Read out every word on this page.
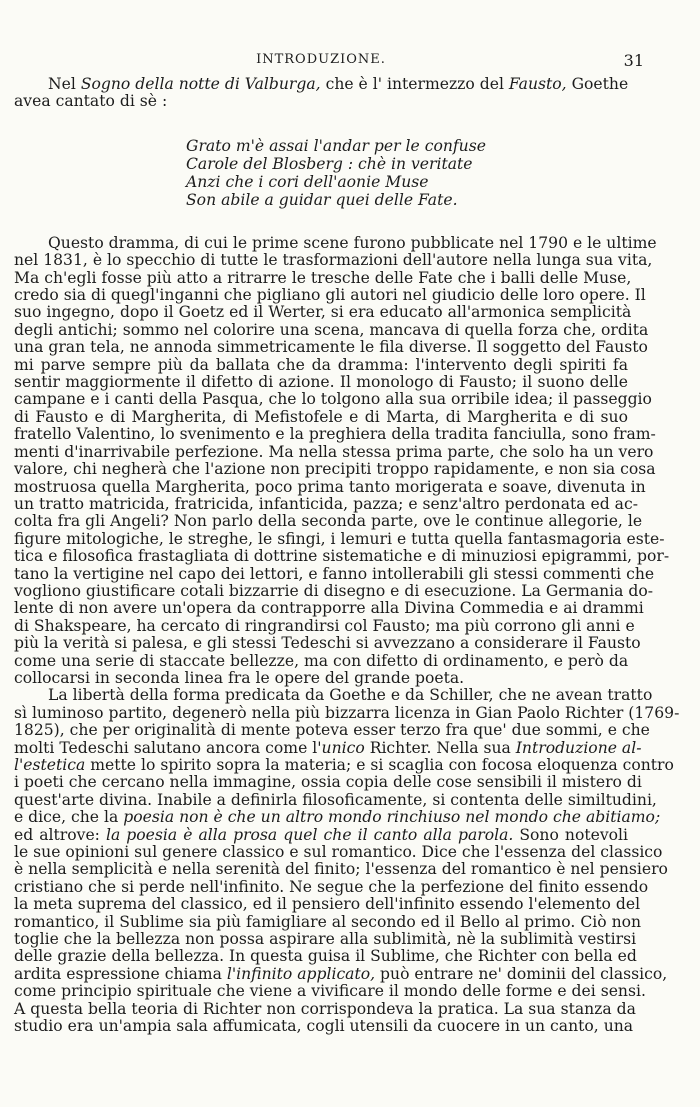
INTRODUZIONE.	31

Nel Sogno della notte di Valburga, che è l' intermezzo del Fausto, Goethe
avea cantato di sè :

Grato m'è assai l'andar per le confuse
Carole del Blosberg : chè in veritate
Anzi che i cori dell'aonie Muse
Son abile a guidar quei delle Fate.

Questo dramma, di cui le prime scene furono pubblicate nel 1790 e le ultime
nel 1831, è lo specchio di tutte le trasformazioni dell'autore nella lunga sua vita,
Ma ch'egli fosse più atto a ritrarre le tresche delle Fate che i balli delle Muse,
credo sia di quegl'inganni che pigliano gli autori nel giudicio delle loro opere. Il
suo ingegno, dopo il Goetz ed il Werter, si era educato all'armonica semplicità
degli antichi; sommo nel colorire una scena, mancava di quella forza che, ordita
una gran tela, ne annoda simmetricamente le fila diverse. Il soggetto del Fausto
mi parve sempre più da ballata che da dramma: l'intervento degli spiriti fa
sentir maggiormente il difetto di azione. Il monologo di Fausto; il suono delle
campane e i canti della Pasqua, che lo tolgono alla sua orribile idea; il passeggio
di Fausto e di Margherita, di Mefistofele e di Marta, di Margherita e di suo
fratello Valentino, lo svenimento e la preghiera della tradita fanciulla, sono fram-
menti d'inarrivabile perfezione. Ma nella stessa prima parte, che solo ha un vero
valore, chi negherà che l'azione non precipiti troppo rapidamente, e non sia cosa
mostruosa quella Margherita, poco prima tanto morigerata e soave, divenuta in
un tratto matricida, fratricida, infanticida, pazza; e senz'altro perdonata ed ac-
colta fra gli Angeli? Non parlo della seconda parte, ove le continue allegorie, le
figure mitologiche, le streghe, le sfingi, i lemuri e tutta quella fantasmagoria este-
tica e filosofica frastagliata di dottrine sistematiche e di minuziosi epigrammi, por-
tano la vertigine nel capo dei lettori, e fanno intollerabili gli stessi commenti che
vogliono giustificare cotali bizzarrie di disegno e di esecuzione. La Germania do-
lente di non avere un'opera da contrapporre alla Divina Commedia e ai drammi
di Shakspeare, ha cercato di ringrandirsi col Fausto; ma più corrono gli anni e
più la verità si palesa, e gli stessi Tedeschi si avvezzano a considerare il Fausto
come una serie di staccate bellezze, ma con difetto di ordinamento, e però da
collocarsi in seconda linea fra le opere del grande poeta.

La libertà della forma predicata da Goethe e da Schiller, che ne avean tratto
sì luminoso partito, degenerò nella più bizzarra licenza in Gian Paolo Richter (1769-
1825), che per originalità di mente poteva esser terzo fra que' due sommi, e che
molti Tedeschi salutano ancora come l'unico Richter. Nella sua Introduzione al-
l'estetica mette lo spirito sopra la materia; e si scaglia con focosa eloquenza contro
i poeti che cercano nella immagine, ossia copia delle cose sensibili il mistero di
quest'arte divina. Inabile a definirla filosoficamente, si contenta delle similtudini,
e dice, che la poesia non è che un altro mondo rinchiuso nel mondo che abitiamo;
ed altrove: la poesia è alla prosa quel che il canto alla parola. Sono notevoli
le sue opinioni sul genere classico e sul romantico. Dice che l'essenza del classico
è nella semplicità e nella serenità del finito; l'essenza del romantico è nel pensiero
cristiano che si perde nell'infinito. Ne segue che la perfezione del finito essendo
la meta suprema del classico, ed il pensiero dell'infinito essendo l'elemento del
romantico, il Sublime sia più famigliare al secondo ed il Bello al primo. Ciò non
toglie che la bellezza non possa aspirare alla sublimità, nè la sublimità vestirsi
delle grazie della bellezza. In questa guisa il Sublime, che Richter con bella ed
ardita espressione chiama l'infinito applicato, può entrare ne' dominii del classico,
come principio spirituale che viene a vivificare il mondo delle forme e dei sensi.
A questa bella teoria di Richter non corrispondeva la pratica. La sua stanza da
studio era un'ampia sala affumicata, cogli utensili da cuocere in un canto, una
